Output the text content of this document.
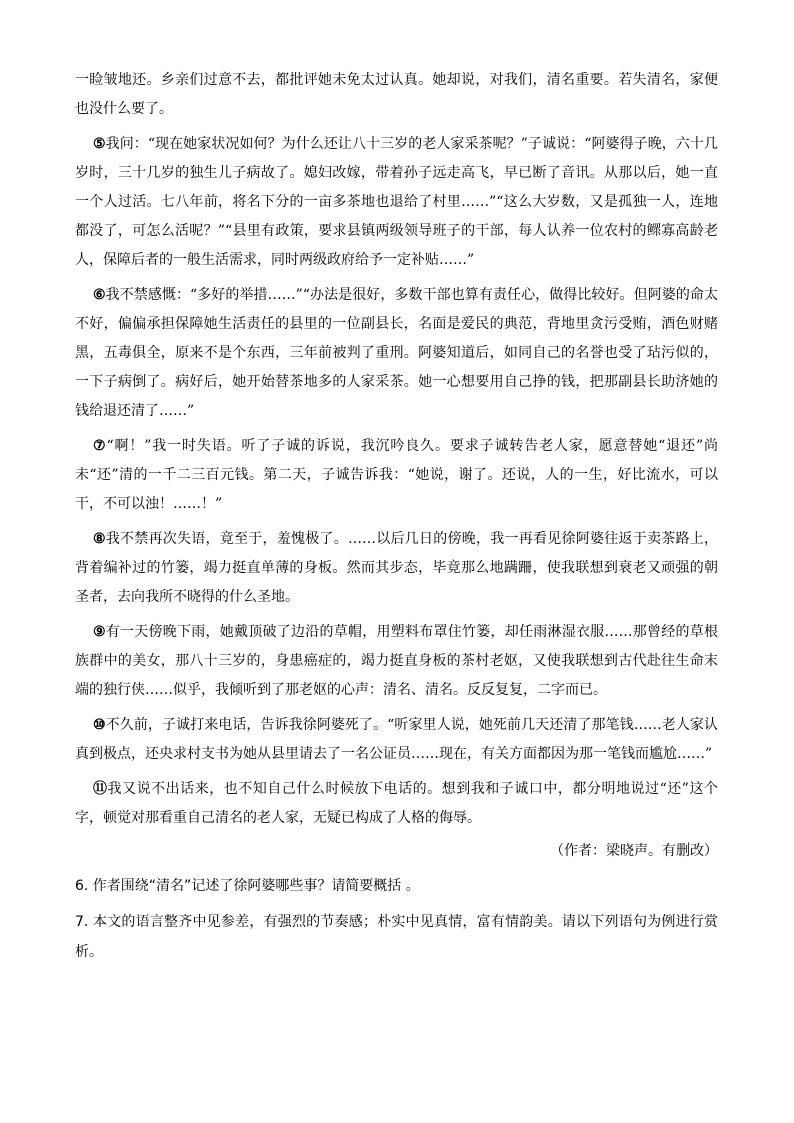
一睑皱地还。乡亲们过意不去，都批评她未免太过认真。她却说，对我们，清名重要。若失清名，家便也没什么要了。

⑤我问：“现在她家状况如何？为什么还让八十三岁的老人家采茶呢？”子诚说：“阿婆得子晚，六十几岁时，三十几岁的独生儿子病故了。媳妇改嫁，带着孙子远走高飞，早已断了音讯。从那以后，她一直一个人过活。七八年前，将名下分的一亩多茶地也退给了村里……”“这么大岁数，又是孤独一人，连地都没了，可怎么活呢？”“县里有政策，要求县镇两级领导班子的干部，每人认养一位农村的鳏寡高龄老人，保障后者的一般生活需求，同时两级政府给予一定补贴……”

⑥我不禁感慨：“多好的举措……”“办法是很好，多数干部也算有责任心，做得比较好。但阿婆的命太不好，偏偏承担保障她生活责任的县里的一位副县长，名面是爱民的典范，背地里贪污受贿，酒色财赌黑，五毒俱全，原来不是个东西，三年前被判了重刑。阿婆知道后，如同自己的名誉也受了玷污似的，一下子病倒了。病好后，她开始替茶地多的人家采茶。她一心想要用自己挣的钱，把那副县长助济她的钱给退还清了……”

⑦“啊！”我一时失语。听了子诚的诉说，我沉吟良久。要求子诚转告老人家，愿意替她“退还”尚未“还”清的一千二三百元钱。第二天，子诚告诉我：“她说，谢了。还说，人的一生，好比流水，可以干，不可以浊！……！”

⑧我不禁再次失语，竟至于，羞愧极了。……以后几日的傍晚，我一再看见徐阿婆往返于卖茶路上，背着编补过的竹篓，竭力挺直单薄的身板。然而其步态，毕竟那么地蹒跚，使我联想到衰老又顽强的朝圣者，去向我所不晓得的什么圣地。

⑨有一天傍晚下雨，她戴顶破了边沿的草帽，用塑料布罩住竹篓，却任雨淋湿衣服……那曾经的草根族群中的美女，那八十三岁的，身患癌症的，竭力挺直身板的茶村老妪，又使我联想到古代赴往生命末端的独行侠……似乎，我倾听到了那老妪的心声：清名、清名。反反复复，二字而已。

⑩不久前，子诚打来电话，告诉我徐阿婆死了。“听家里人说，她死前几天还清了那笔钱……老人家认真到极点，还央求村支书为她从县里请去了一名公证员……现在，有关方面都因为那一笔钱而尴尬……”

⑪我又说不出话来，也不知自己什么时候放下电话的。想到我和子诚口中，都分明地说过“还”这个字，顿觉对那看重自己清名的老人家，无疑已构成了人格的侮辱。

（作者：梁晓声。有删改）

6. 作者围绕“清名”记述了徐阿婆哪些事？请简要概括 。

7. 本文的语言整齐中见参差，有强烈的节奏感；朴实中见真情，富有情韵美。请以下列语句为例进行赏析。
